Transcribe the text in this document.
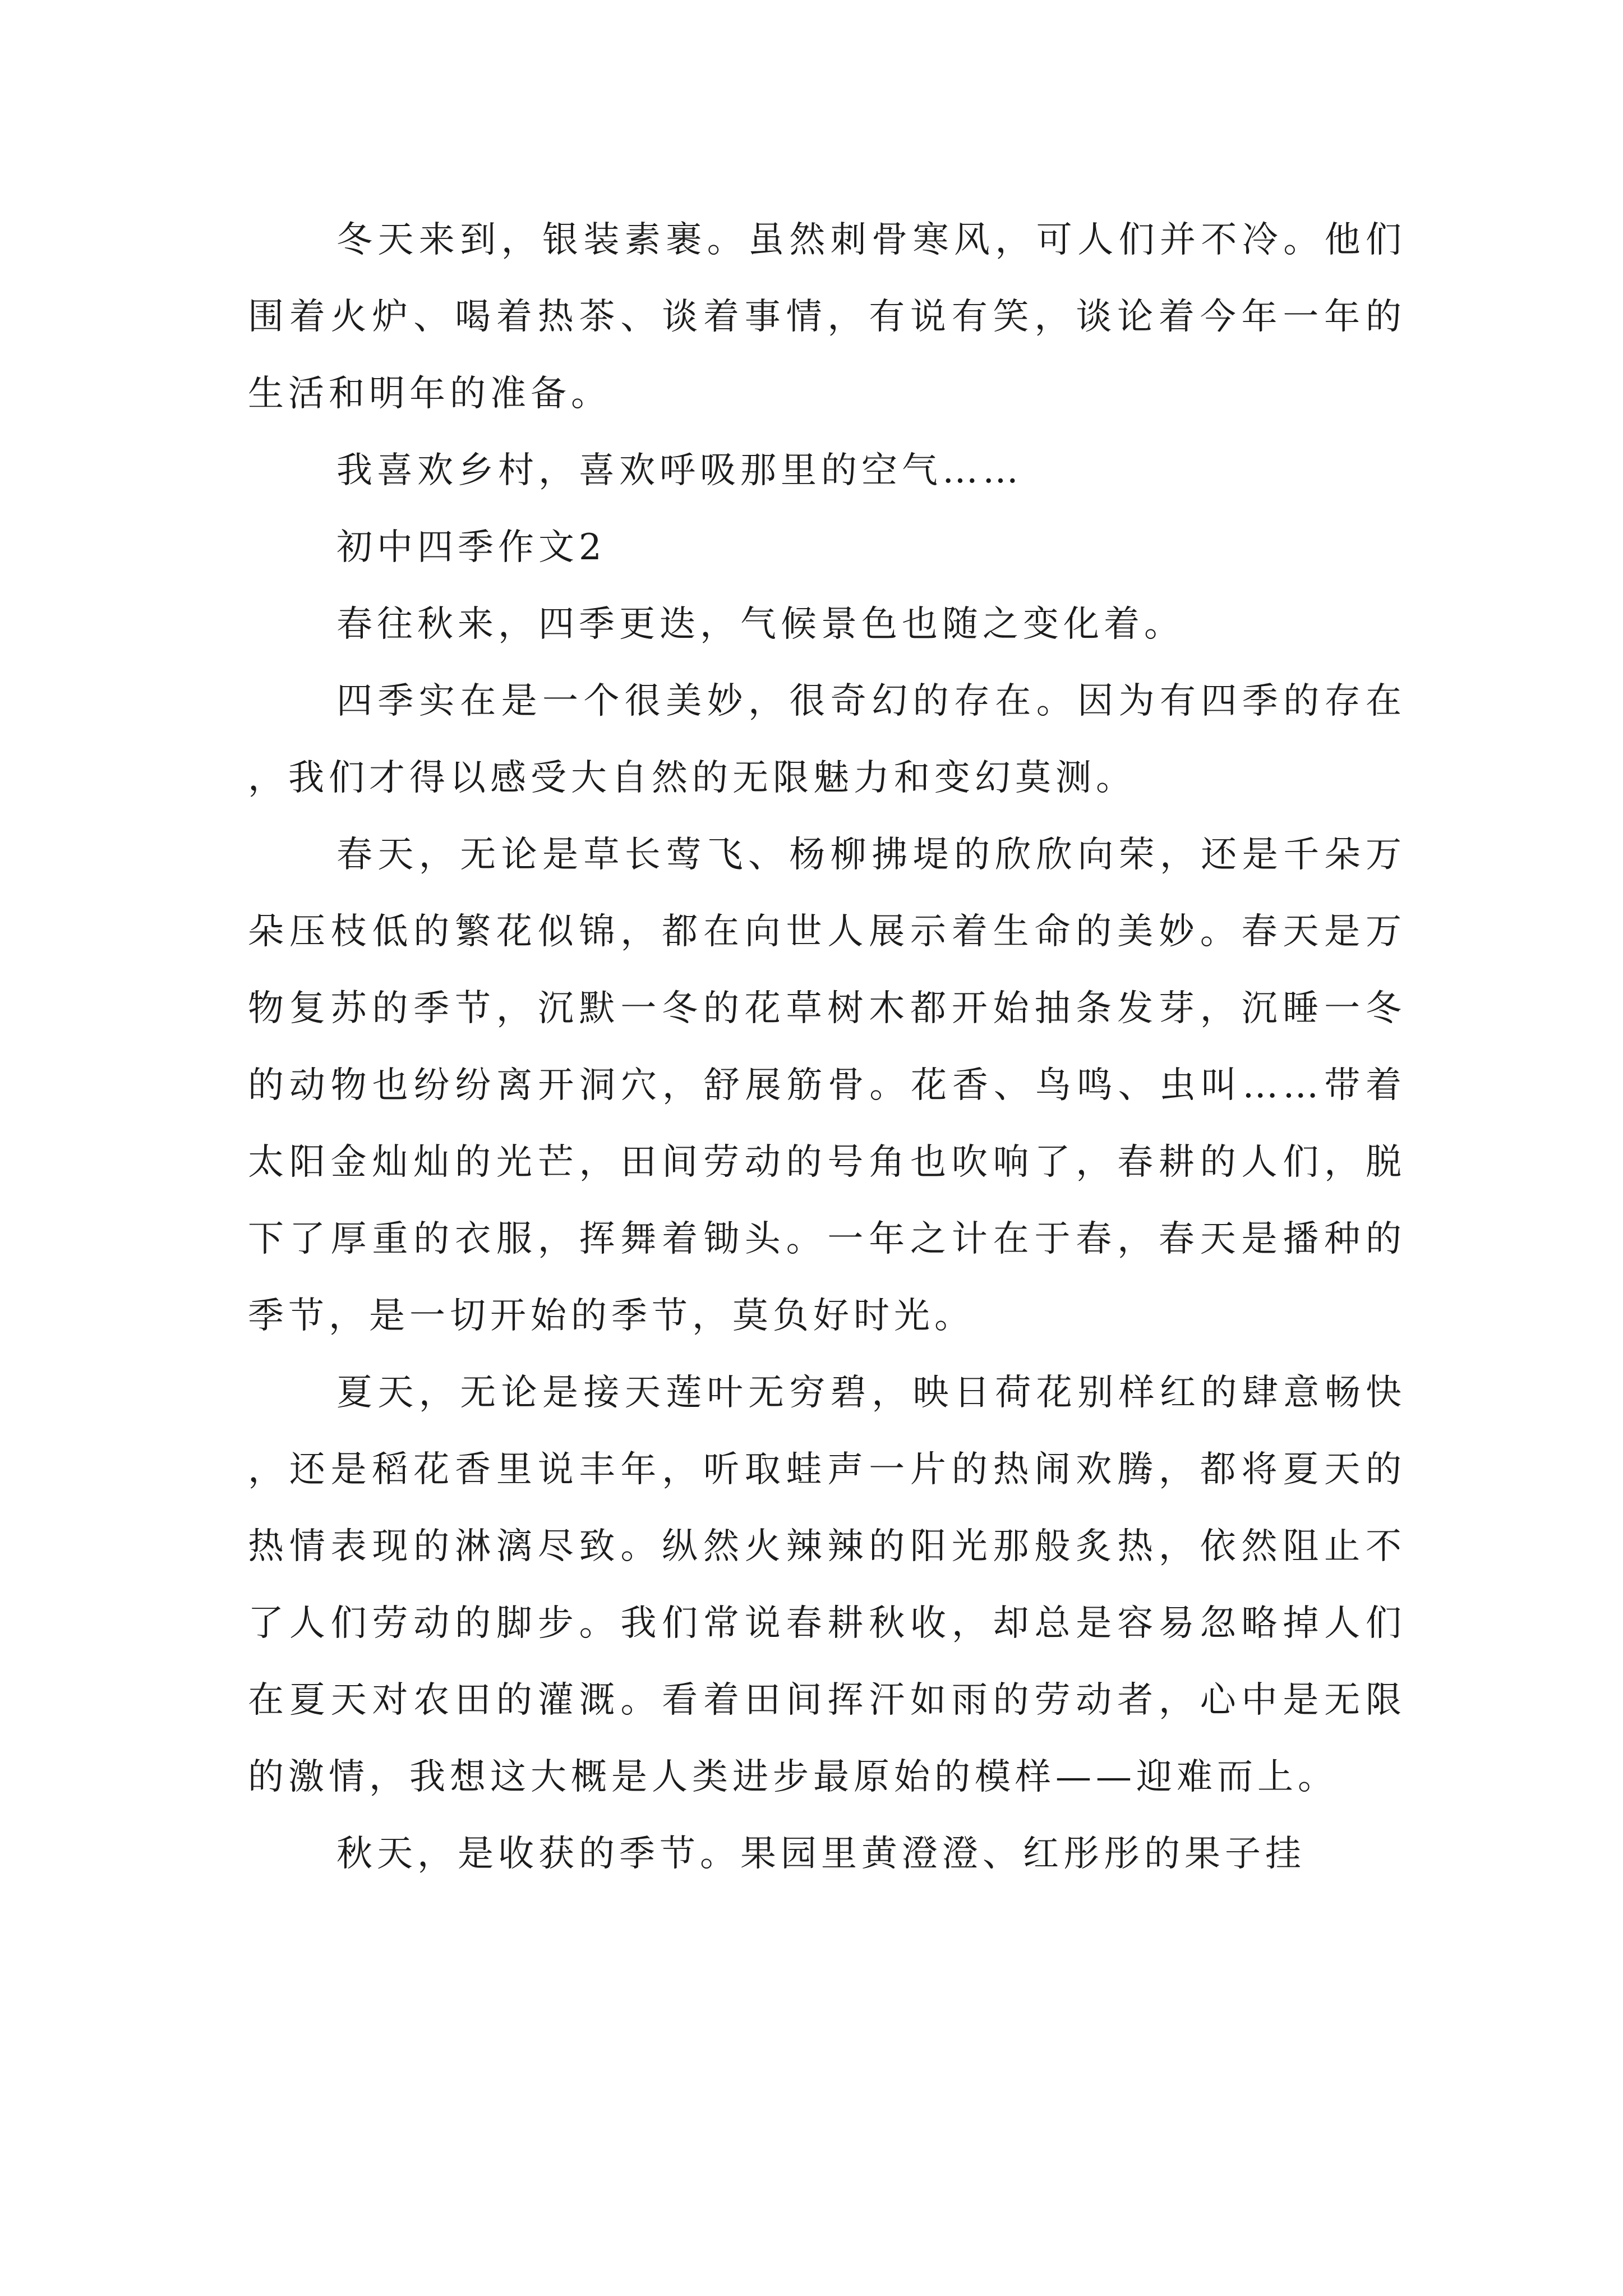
冬天来到，银装素裹。虽然刺骨寒风，可人们并不冷。他们围着火炉、喝着热茶、谈着事情，有说有笑，谈论着今年一年的生活和明年的准备。

我喜欢乡村，喜欢呼吸那里的空气……

初中四季作文2

春往秋来，四季更迭，气候景色也随之变化着。

四季实在是一个很美妙，很奇幻的存在。因为有四季的存在，我们才得以感受大自然的无限魅力和变幻莫测。

春天，无论是草长莺飞、杨柳拂堤的欣欣向荣，还是千朵万朵压枝低的繁花似锦，都在向世人展示着生命的美妙。春天是万物复苏的季节，沉默一冬的花草树木都开始抽条发芽，沉睡一冬的动物也纷纷离开洞穴，舒展筋骨。花香、鸟鸣、虫叫……带着太阳金灿灿的光芒，田间劳动的号角也吹响了，春耕的人们，脱下了厚重的衣服，挥舞着锄头。一年之计在于春，春天是播种的季节，是一切开始的季节，莫负好时光。

夏天，无论是接天莲叶无穷碧，映日荷花别样红的肆意畅快，还是稻花香里说丰年，听取蛙声一片的热闹欢腾，都将夏天的热情表现的淋漓尽致。纵然火辣辣的阳光那般炙热，依然阻止不了人们劳动的脚步。我们常说春耕秋收，却总是容易忽略掉人们在夏天对农田的灌溉。看着田间挥汗如雨的劳动者，心中是无限的激情，我想这大概是人类进步最原始的模样——迎难而上。

秋天，是收获的季节。果园里黄澄澄、红彤彤的果子挂
